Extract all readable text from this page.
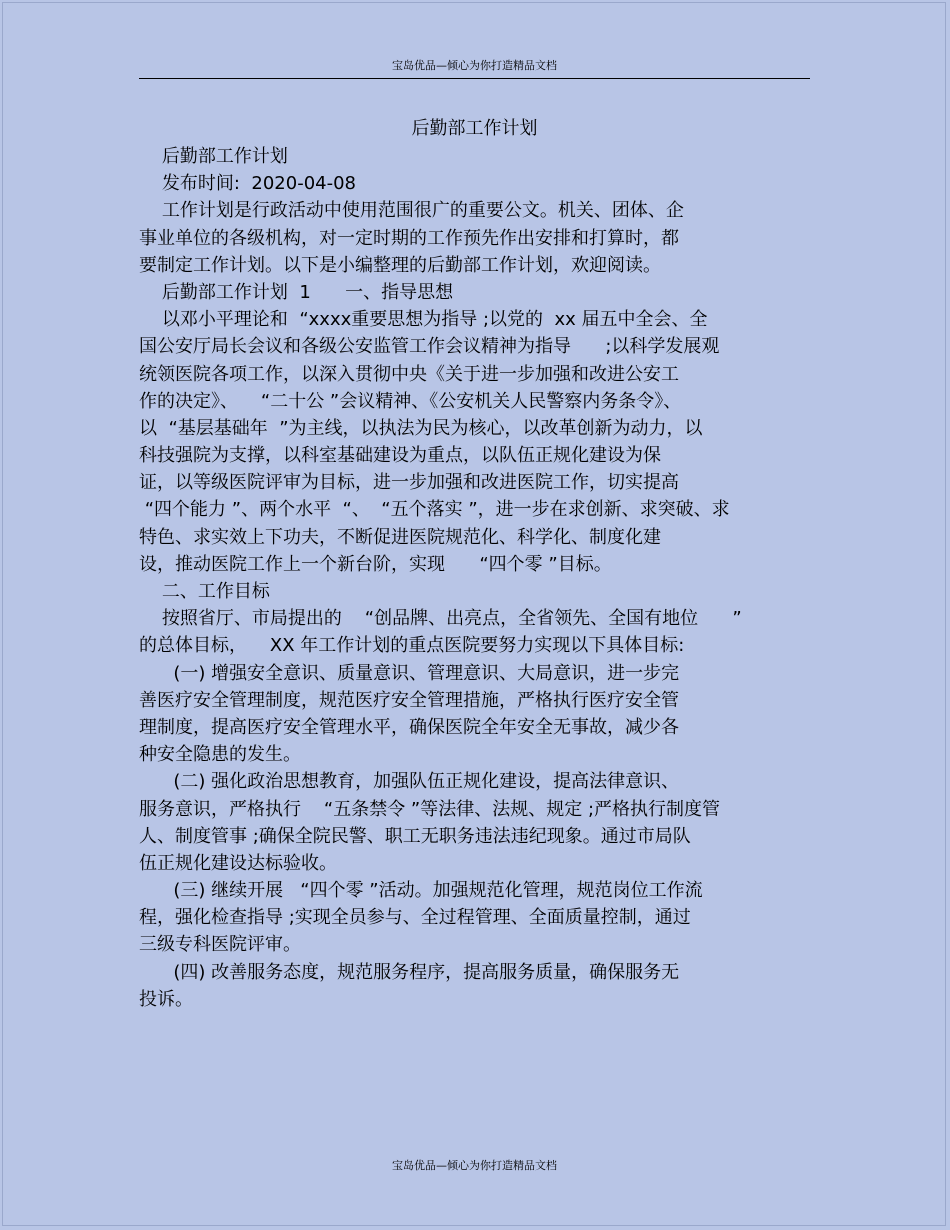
宝岛优品—倾心为你打造精品文档
后勤部工作计划
后勤部工作计划
发布时间:  2020-04-08
工作计划是行政活动中使用范围很广的重要公文。机关、团体、企
事业单位的各级机构，对一定时期的工作预先作出安排和打算时，都
要制定工作计划。以下是小编整理的后勤部工作计划，欢迎阅读。
后勤部工作计划  1      一、指导思想
以邓小平理论和  “xxxx重要思想为指导 ;以党的  xx 届五中全会、全
国公安厅局长会议和各级公安监管工作会议精神为指导      ;以科学发展观
统领医院各项工作，以深入贯彻中央《关于进一步加强和改进公安工
作的决定》、    “二十公 ”会议精神、《公安机关人民警察内务条令》、
以  “基层基础年  ”为主线，以执法为民为核心，以改革创新为动力，以
科技强院为支撑，以科室基础建设为重点，以队伍正规化建设为保
证，以等级医院评审为目标，进一步加强和改进医院工作，切实提高
“四个能力 ”、两个水平  “、  “五个落实 ”，进一步在求创新、求突破、求
特色、求实效上下功夫，不断促进医院规范化、科学化、制度化建
设，推动医院工作上一个新台阶，实现      “四个零 ”目标。
二、工作目标
按照省厅、市局提出的    “创品牌、出亮点，全省领先、全国有地位      ”
的总体目标，    XX 年工作计划的重点医院要努力实现以下具体目标:
(一) 增强安全意识、质量意识、管理意识、大局意识，进一步完
善医疗安全管理制度，规范医疗安全管理措施，严格执行医疗安全管
理制度，提高医疗安全管理水平，确保医院全年安全无事故，减少各
种安全隐患的发生。
(二) 强化政治思想教育，加强队伍正规化建设，提高法律意识、
服务意识，严格执行    “五条禁令 ”等法律、法规、规定 ;严格执行制度管
人、制度管事 ;确保全院民警、职工无职务违法违纪现象。通过市局队
伍正规化建设达标验收。
(三) 继续开展   “四个零 ”活动。加强规范化管理，规范岗位工作流
程，强化检查指导 ;实现全员参与、全过程管理、全面质量控制，通过
三级专科医院评审。
(四) 改善服务态度，规范服务程序，提高服务质量，确保服务无
投诉。
宝岛优品—倾心为你打造精品文档
